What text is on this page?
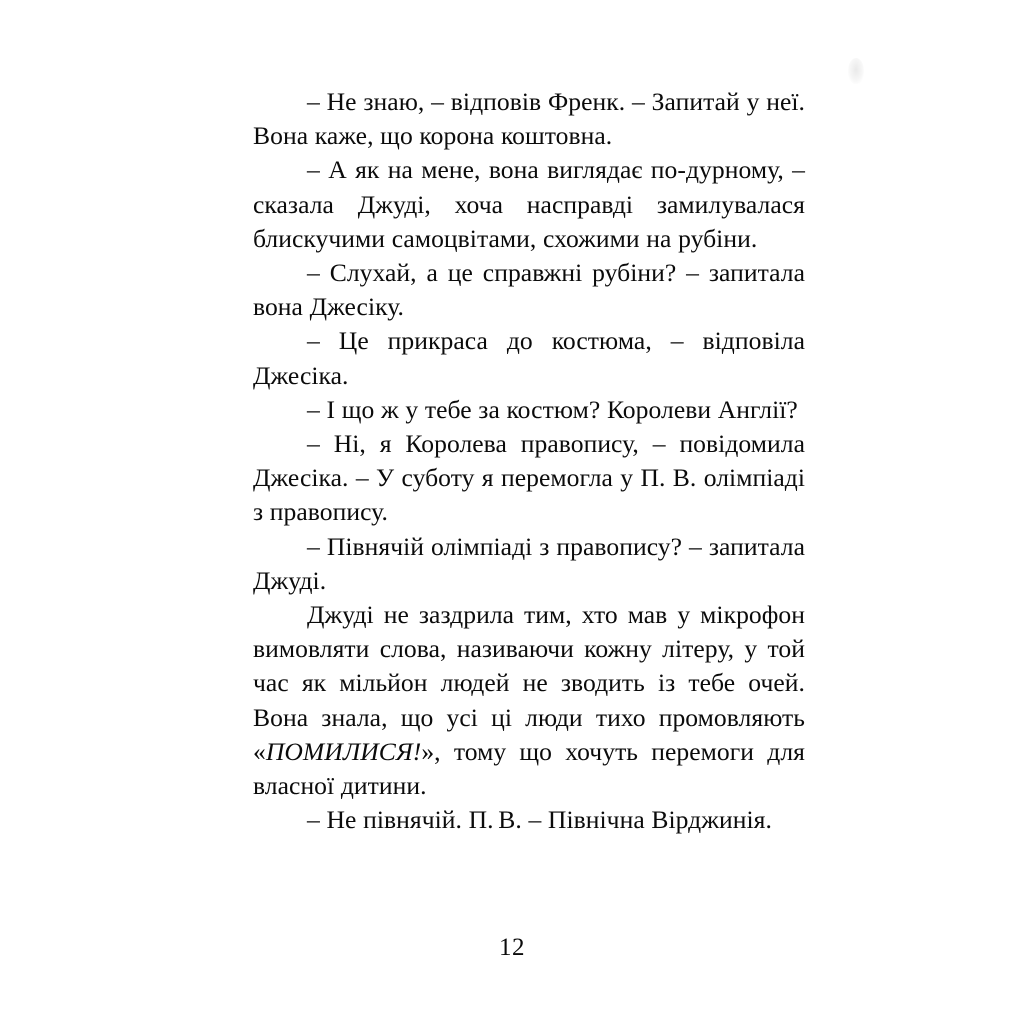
– Не знаю, – відповів Френк. – Запитай у неї. Вона каже, що корона коштовна.

– А як на мене, вона виглядає по-дурному, – сказала Джуді, хоча насправді замилувалася блискучими самоцвітами, схожими на рубіни.

– Слухай, а це справжні рубіни? – запитала вона Джесіку.

– Це прикраса до костюма, – відповіла Джесіка.

– І що ж у тебе за костюм? Королеви Англії?

– Ні, я Королева правопису, – повідомила Джесіка. – У суботу я перемогла у П. В. олімпіаді з правопису.

– Півнячій олімпіаді з правопису? – запитала Джуді.

Джуді не заздрила тим, хто мав у мікрофон вимовляти слова, називаючи кожну літеру, у той час як мільйон людей не зводить із тебе очей. Вона знала, що усі ці люди тихо промовляють «ПОМИЛИСЯ!», тому що хочуть перемоги для власної дитини.

– Не півнячій. П. В. – Північна Вірджинія.

12
